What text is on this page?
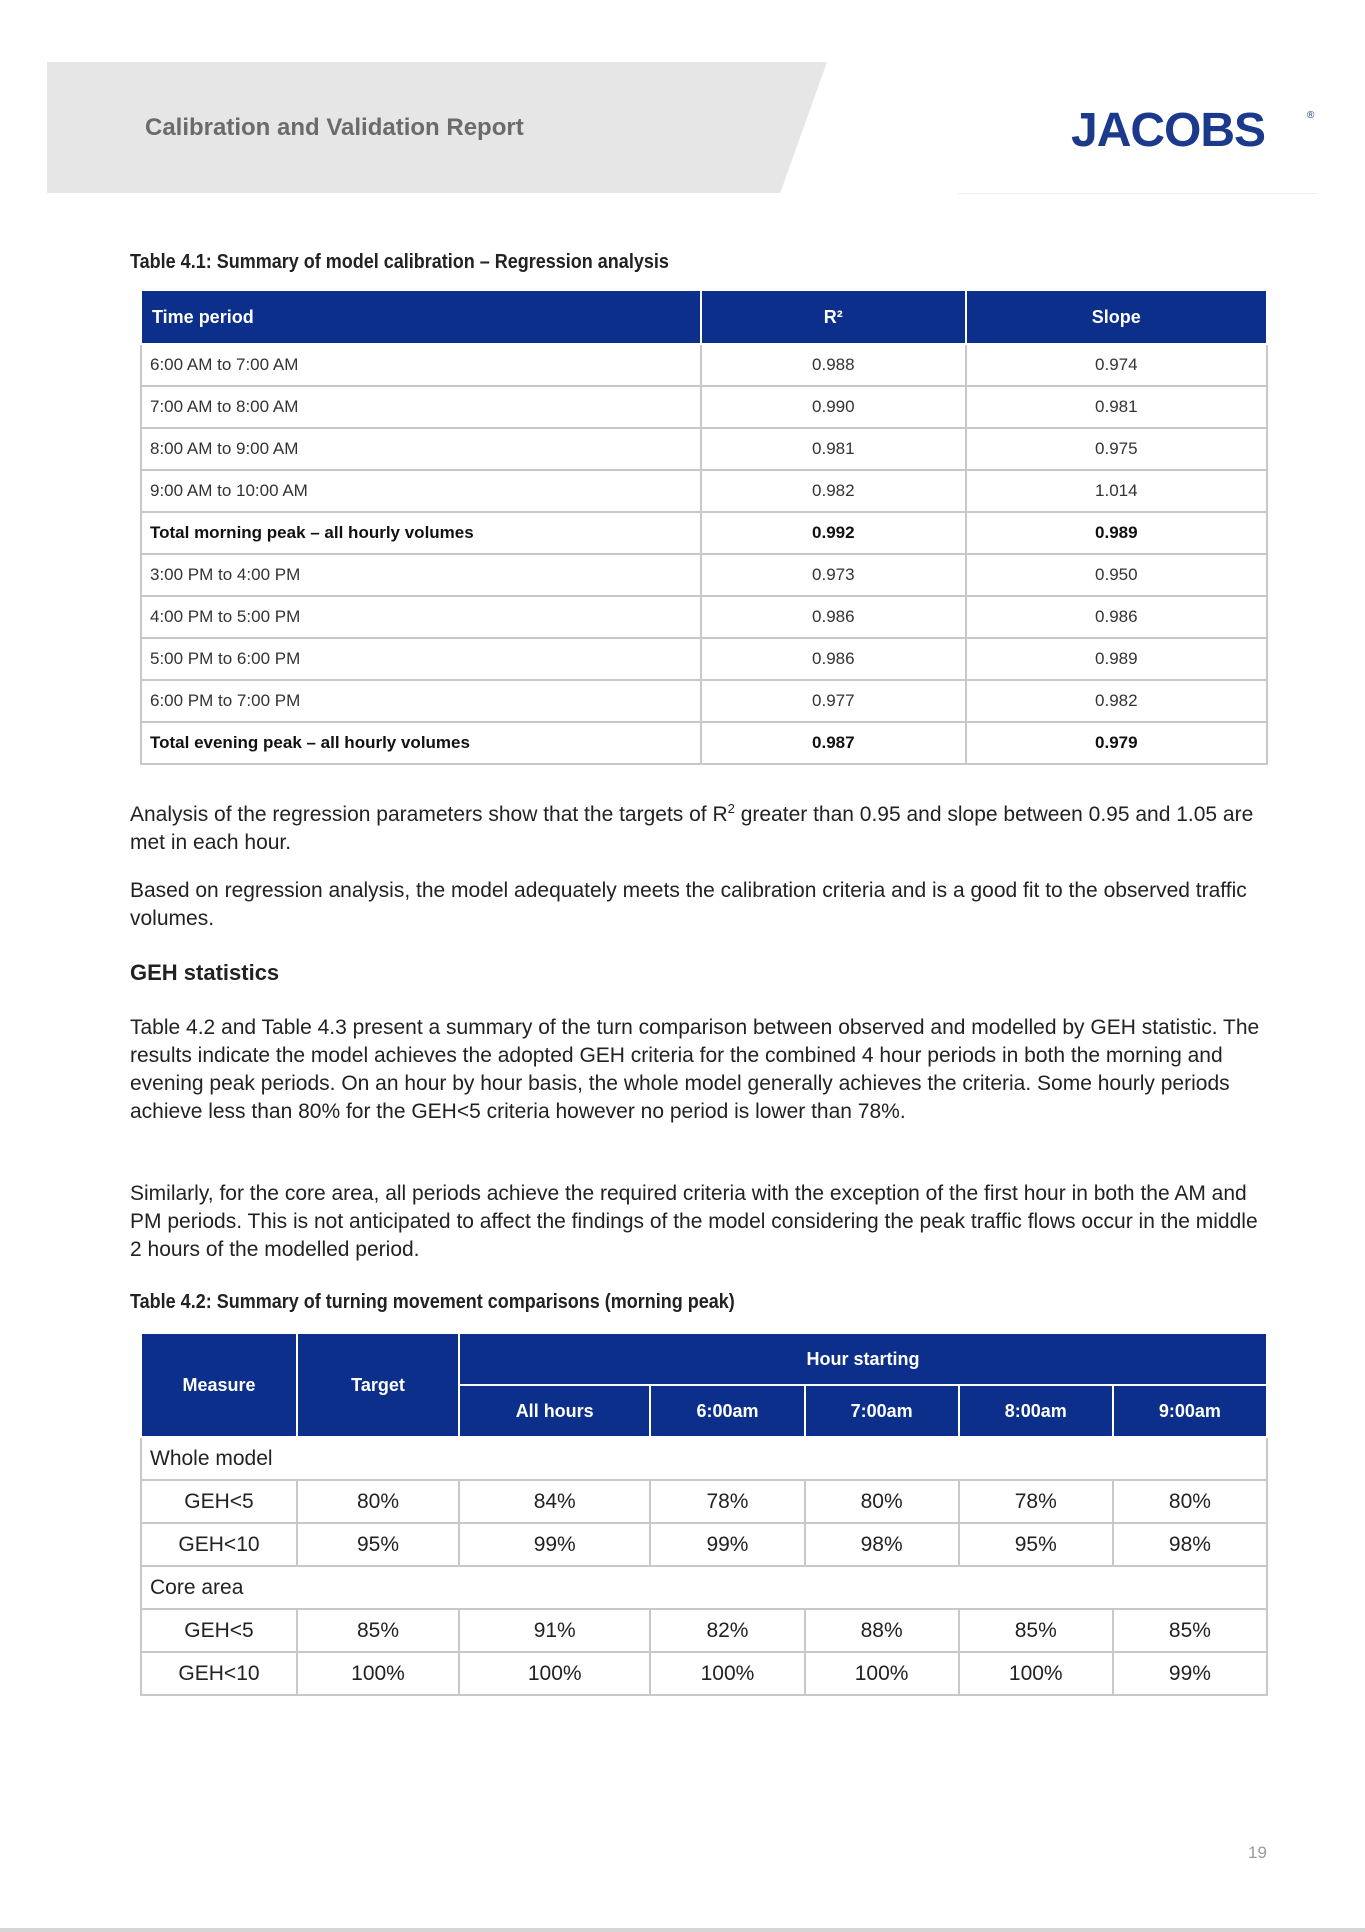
Calibration and Validation Report	JACOBS	®
Table 4.1: Summary of model calibration – Regression analysis
Time period	R²	Slope
6:00 AM to 7:00 AM	0.988	0.974
7:00 AM to 8:00 AM	0.990	0.981
8:00 AM to 9:00 AM	0.981	0.975
9:00 AM to 10:00 AM	0.982	1.014
Total morning peak – all hourly volumes	0.992	0.989
3:00 PM to 4:00 PM	0.973	0.950
4:00 PM to 5:00 PM	0.986	0.986
5:00 PM to 6:00 PM	0.986	0.989
6:00 PM to 7:00 PM	0.977	0.982
Total evening peak – all hourly volumes	0.987	0.979
Analysis of the regression parameters show that the targets of $R^2$ greater than 0.95 and slope between 0.95 and 1.05 are met in each hour.
Based on regression analysis, the model adequately meets the calibration criteria and is a good fit to the observed traffic volumes.
GEH statistics
Table 4.2 and Table 4.3 present a summary of the turn comparison between observed and modelled by GEH statistic. The results indicate the model achieves the adopted GEH criteria for the combined 4 hour periods in both the morning and evening peak periods. On an hour by hour basis, the whole model generally achieves the criteria. Some hourly periods achieve less than 80% for the GEH<5 criteria however no period is lower than 78%.
Similarly, for the core area, all periods achieve the required criteria with the exception of the first hour in both the AM and PM periods. This is not anticipated to affect the findings of the model considering the peak traffic flows occur in the middle 2 hours of the modelled period.
Table 4.2: Summary of turning movement comparisons (morning peak)
Measure	Target	Hour starting				
		All hours	6:00am	7:00am	8:00am	9:00am
Whole model						
GEH<5	80%	84%	78%	80%	78%	80%
GEH<10	95%	99%	99%	98%	95%	98%
Core area						
GEH<5	85%	91%	82%	88%	85%	85%
GEH<10	100%	100%	100%	100%	100%	99%
19
